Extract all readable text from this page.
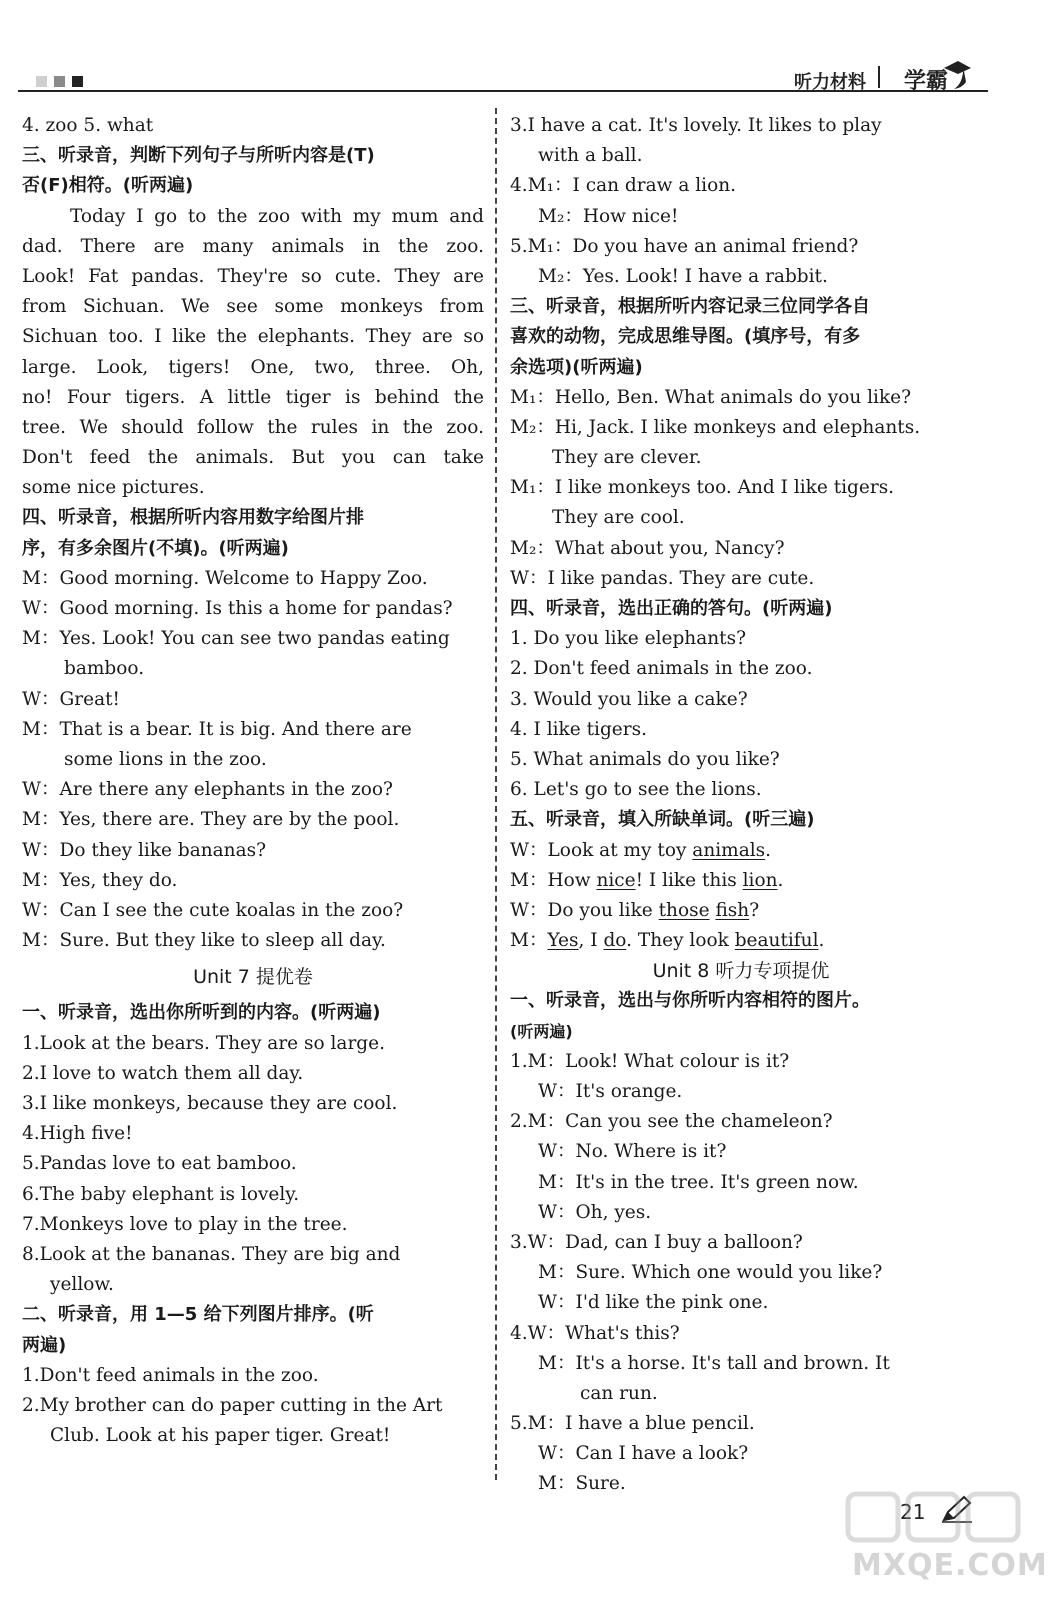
听力材料 学霸
4. zoo 5. what
三、听录音，判断下列句子与所听内容是(T)
否(F)相符。(听两遍)
Today I go to the zoo with my mum and
dad. There are many animals in the zoo.
Look! Fat pandas. They're so cute. They are
from Sichuan. We see some monkeys from
Sichuan too. I like the elephants. They are so
large. Look, tigers! One, two, three. Oh,
no! Four tigers. A little tiger is behind the
tree. We should follow the rules in the zoo.
Don't feed the animals. But you can take
some nice pictures.
四、听录音，根据所听内容用数字给图片排
序，有多余图片(不填)。(听两遍)
M： Good morning. Welcome to Happy Zoo.
W： Good morning. Is this a home for pandas?
M： Yes. Look! You can see two pandas eating
bamboo.
W： Great!
M： That is a bear. It is big. And there are
some lions in the zoo.
W： Are there any elephants in the zoo?
M： Yes, there are. They are by the pool.
W： Do they like bananas?
M： Yes, they do.
W： Can I see the cute koalas in the zoo?
M： Sure. But they like to sleep all day.
Unit 7 提优卷
一、听录音，选出你所听到的内容。(听两遍)
1. Look at the bears. They are so large.
2. I love to watch them all day.
3. I like monkeys, because they are cool.
4. High five!
5. Pandas love to eat bamboo.
6. The baby elephant is lovely.
7. Monkeys love to play in the tree.
8. Look at the bananas. They are big and
yellow.
二、听录音，用 1—5 给下列图片排序。(听
两遍)
1. Don't feed animals in the zoo.
2. My brother can do paper cutting in the Art
Club. Look at his paper tiger. Great!
3. I have a cat. It's lovely. It likes to play
with a ball.
4. M₁：I can draw a lion.
M₂：How nice!
5. M₁：Do you have an animal friend?
M₂：Yes. Look! I have a rabbit.
三、听录音，根据所听内容记录三位同学各自
喜欢的动物，完成思维导图。(填序号，有多
余选项)(听两遍)
M₁： Hello, Ben. What animals do you like?
M₂： Hi, Jack. I like monkeys and elephants.
They are clever.
M₁： I like monkeys too. And I like tigers.
They are cool.
M₂： What about you, Nancy?
W： I like pandas. They are cute.
四、听录音，选出正确的答句。(听两遍)
1. Do you like elephants?
2. Don't feed animals in the zoo.
3. Would you like a cake?
4. I like tigers.
5. What animals do you like?
6. Let's go to see the lions.
五、听录音，填入所缺单词。(听三遍)
W：Look at my toy animals.
M：How nice! I like this lion.
W：Do you like those fish?
M：Yes, I do. They look beautiful.
Unit 8 听力专项提优
一、听录音，选出与你所听内容相符的图片。
(听两遍)
1. M：Look! What colour is it?
W：It's orange.
2. M：Can you see the chameleon?
W：No. Where is it?
M：It's in the tree. It's green now.
W：Oh, yes.
3. W：Dad, can I buy a balloon?
M：Sure. Which one would you like?
W：I'd like the pink one.
4. W：What's this?
M：It's a horse. It's tall and brown. It
can run.
5. M：I have a blue pencil.
W：Can I have a look?
M：Sure.
21
MXQE.COM
